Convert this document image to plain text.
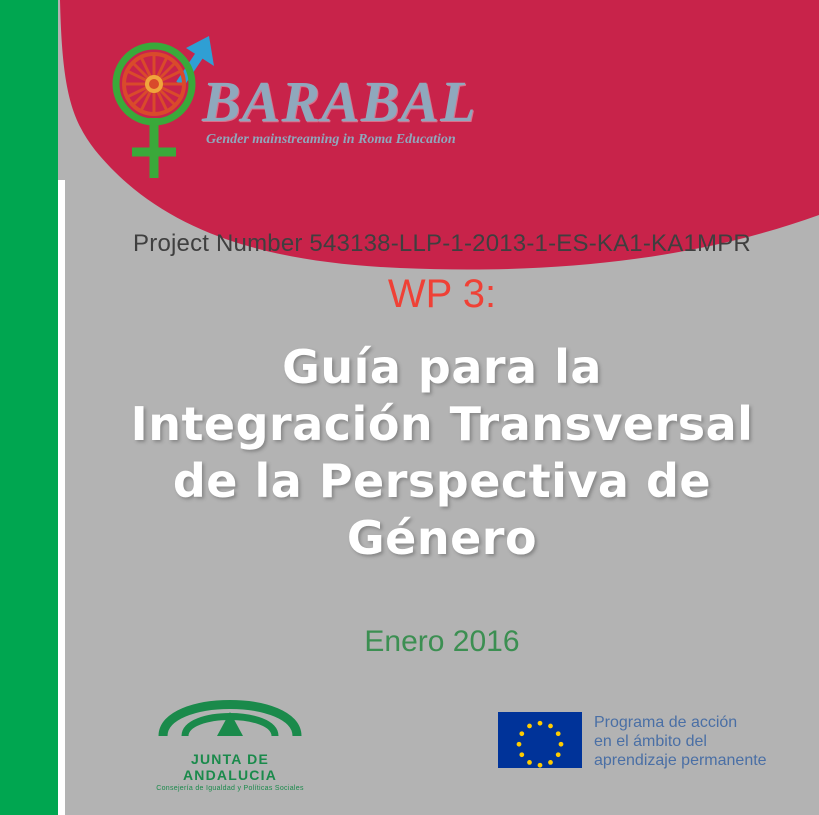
BARABAL
Gender mainstreaming in Roma Education

Project Number 543138-LLP-1-2013-1-ES-KA1-KA1MPR

WP 3:

Guía para la
Integración Transversal
de la Perspectiva de
Género

Enero 2016

JUNTA DE ANDALUCIA
Consejería de Igualdad y Políticas Sociales
Programa de acción
en el ámbito del
aprendizaje permanente
